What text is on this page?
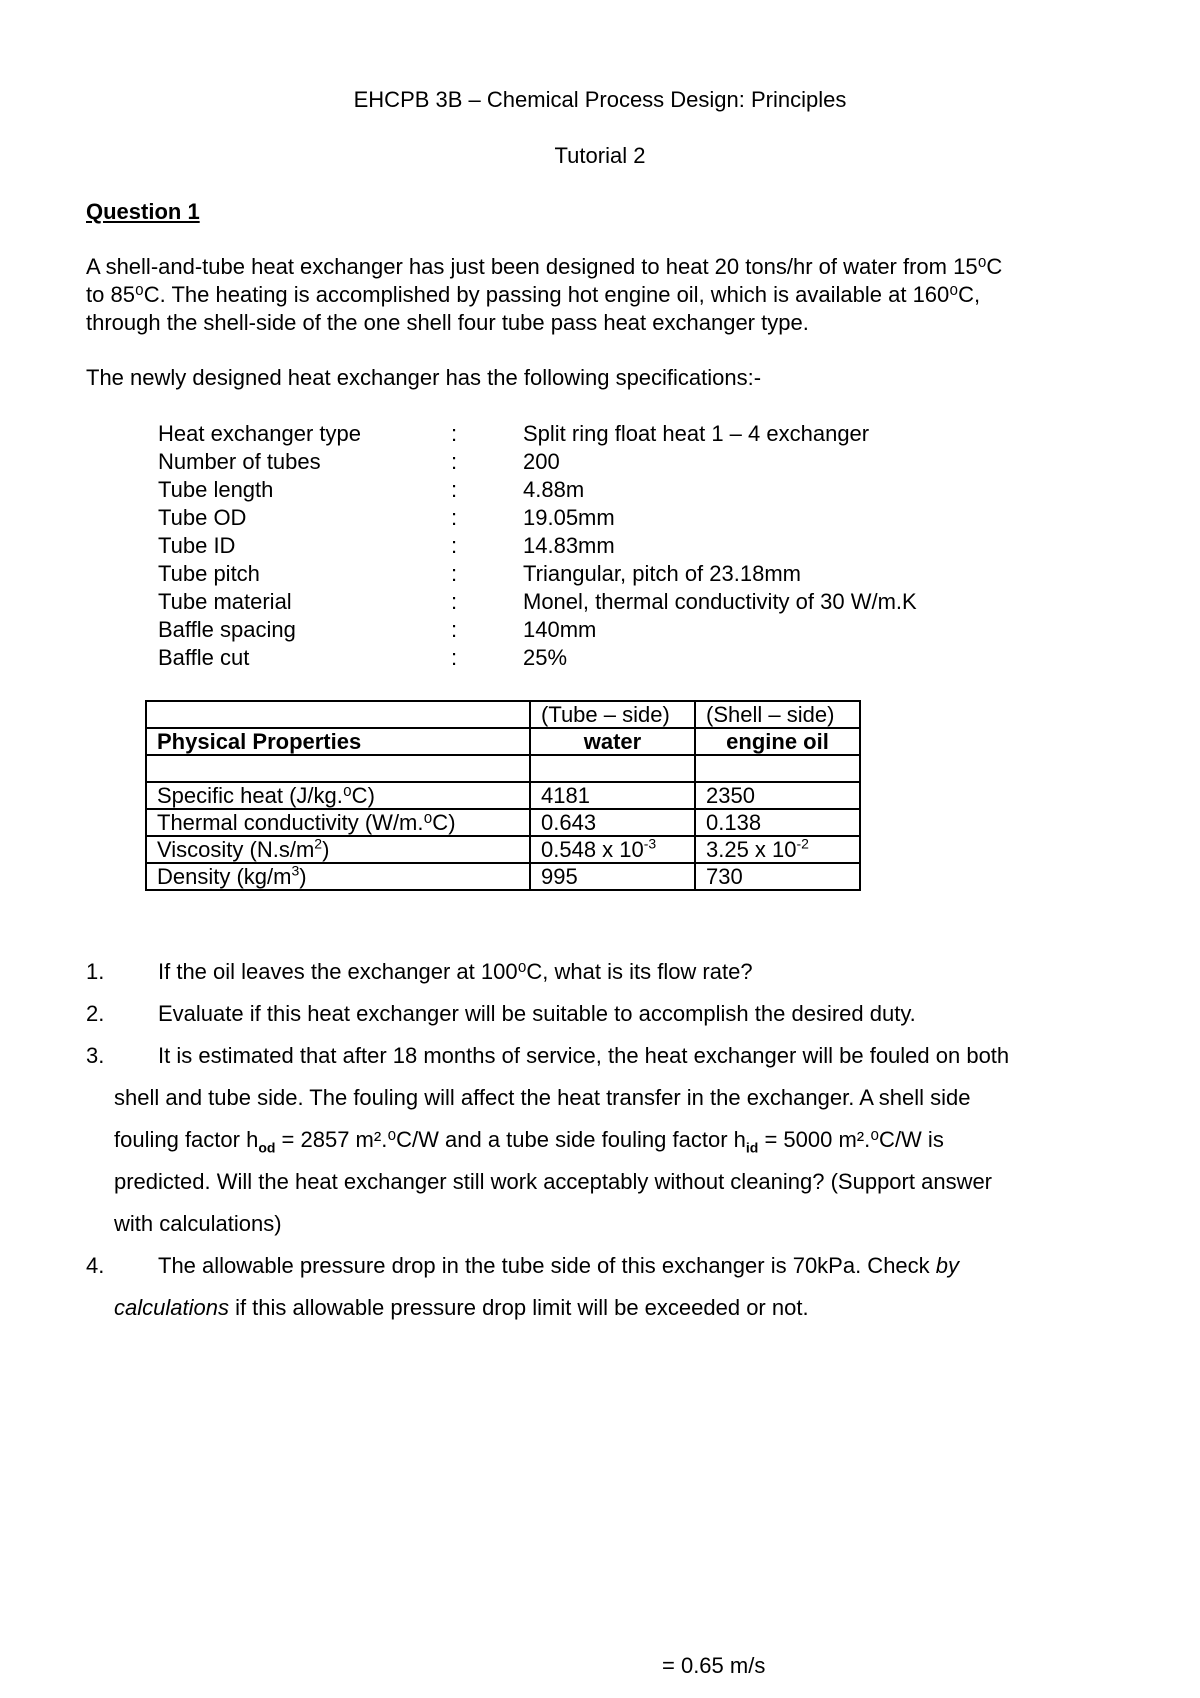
EHCPB 3B – Chemical Process Design: Principles
Tutorial 2
Question 1
A shell-and-tube heat exchanger has just been designed to heat 20 tons/hr of water from 15⁰C
to 85⁰C. The heating is accomplished by passing hot engine oil, which is available at 160⁰C,
through the shell-side of the one shell four tube pass heat exchanger type.
The newly designed heat exchanger has the following specifications:-
Heat exchanger type	:	Split ring float heat 1 – 4 exchanger
Number of tubes	:	200
Tube length	:	4.88m
Tube OD	:	19.05mm
Tube ID	:	14.83mm
Tube pitch	:	Triangular, pitch of 23.18mm
Tube material	:	Monel, thermal conductivity of 30 W/m.K
Baffle spacing	:	140mm
Baffle cut	:	25%
	(Tube – side)	(Shell – side)
Physical Properties	water	engine oil

Specific heat (J/kg.⁰C)	4181	2350
Thermal conductivity (W/m.⁰C)	0.643	0.138
Viscosity $(N.s/m^2)$	0.548 x $10^{-3}$	3.25 x $10^{-2}$
Density $(kg/m^3)$	995	730
1. If the oil leaves the exchanger at 100⁰C, what is its flow rate?
2. Evaluate if this heat exchanger will be suitable to accomplish the desired duty.
3. It is estimated that after 18 months of service, the heat exchanger will be fouled on both
shell and tube side. The fouling will affect the heat transfer in the exchanger. A shell side
fouling factor $h_{od} = 2857$ m².⁰C/W and a tube side fouling factor $h_{id} = 5000$ m².⁰C/W is
predicted. Will the heat exchanger still work acceptably without cleaning? (Support answer
with calculations)
4. The allowable pressure drop in the tube side of this exchanger is 70kPa. Check by
calculations if this allowable pressure drop limit will be exceeded or not.
= 0.65 m/s
